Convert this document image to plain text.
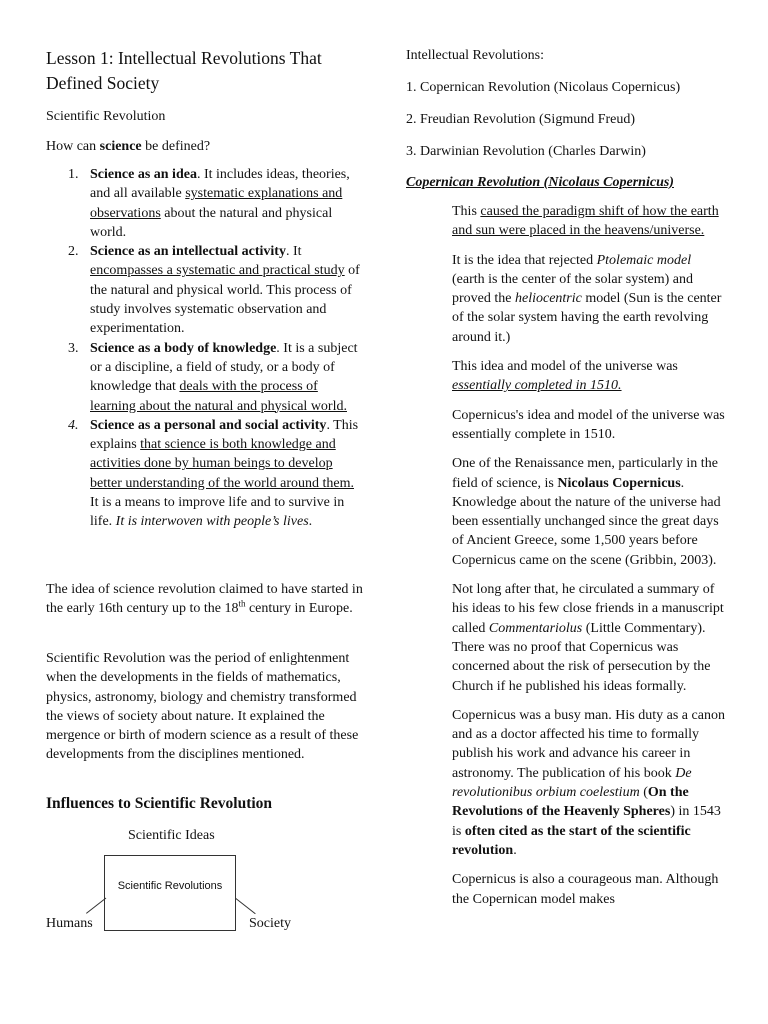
Lesson 1: Intellectual Revolutions That
Defined Society

Scientific Revolution

How can science be defined?

1. Science as an idea. It includes ideas, theories, and all available systematic explanations and observations about the natural and physical world.
2. Science as an intellectual activity. It encompasses a systematic and practical study of the natural and physical world. This process of study involves systematic observation and experimentation.
3. Science as a body of knowledge. It is a subject or a discipline, a field of study, or a body of knowledge that deals with the process of learning about the natural and physical world.
4. Science as a personal and social activity. This explains that science is both knowledge and activities done by human beings to develop better understanding of the world around them. It is a means to improve life and to survive in life. It is interwoven with people’s lives.

The idea of science revolution claimed to have started in the early 16th century up to the 18th century in Europe.

Scientific Revolution was the period of enlightenment when the developments in the fields of mathematics, physics, astronomy, biology and chemistry transformed the views of society about nature. It explained the mergence or birth of modern science as a result of these developments from the disciplines mentioned.

Influences to Scientific Revolution

Scientific Ideas
Scientific Revolutions
Humans	Society

Intellectual Revolutions:

1. Copernican Revolution (Nicolaus Copernicus)

2. Freudian Revolution (Sigmund Freud)

3. Darwinian Revolution (Charles Darwin)

Copernican Revolution (Nicolaus Copernicus)

This caused the paradigm shift of how the earth and sun were placed in the heavens/universe.

It is the idea that rejected Ptolemaic model (earth is the center of the solar system) and proved the heliocentric model (Sun is the center of the solar system having the earth revolving around it.)

This idea and model of the universe was essentially completed in 1510.

Copernicus's idea and model of the universe was essentially complete in 1510.

One of the Renaissance men, particularly in the field of science, is Nicolaus Copernicus. Knowledge about the nature of the universe had been essentially unchanged since the great days of Ancient Greece, some 1,500 years before Copernicus came on the scene (Gribbin, 2003).

Not long after that, he circulated a summary of his ideas to his few close friends in a manuscript called Commentariolus (Little Commentary). There was no proof that Copernicus was concerned about the risk of persecution by the Church if he published his ideas formally.

Copernicus was a busy man. His duty as a canon and as a doctor affected his time to formally publish his work and advance his career in astronomy. The publication of his book De revolutionibus orbium coelestium (On the Revolutions of the Heavenly Spheres) in 1543 is often cited as the start of the scientific revolution.

Copernicus is also a courageous man. Although the Copernican model makes
